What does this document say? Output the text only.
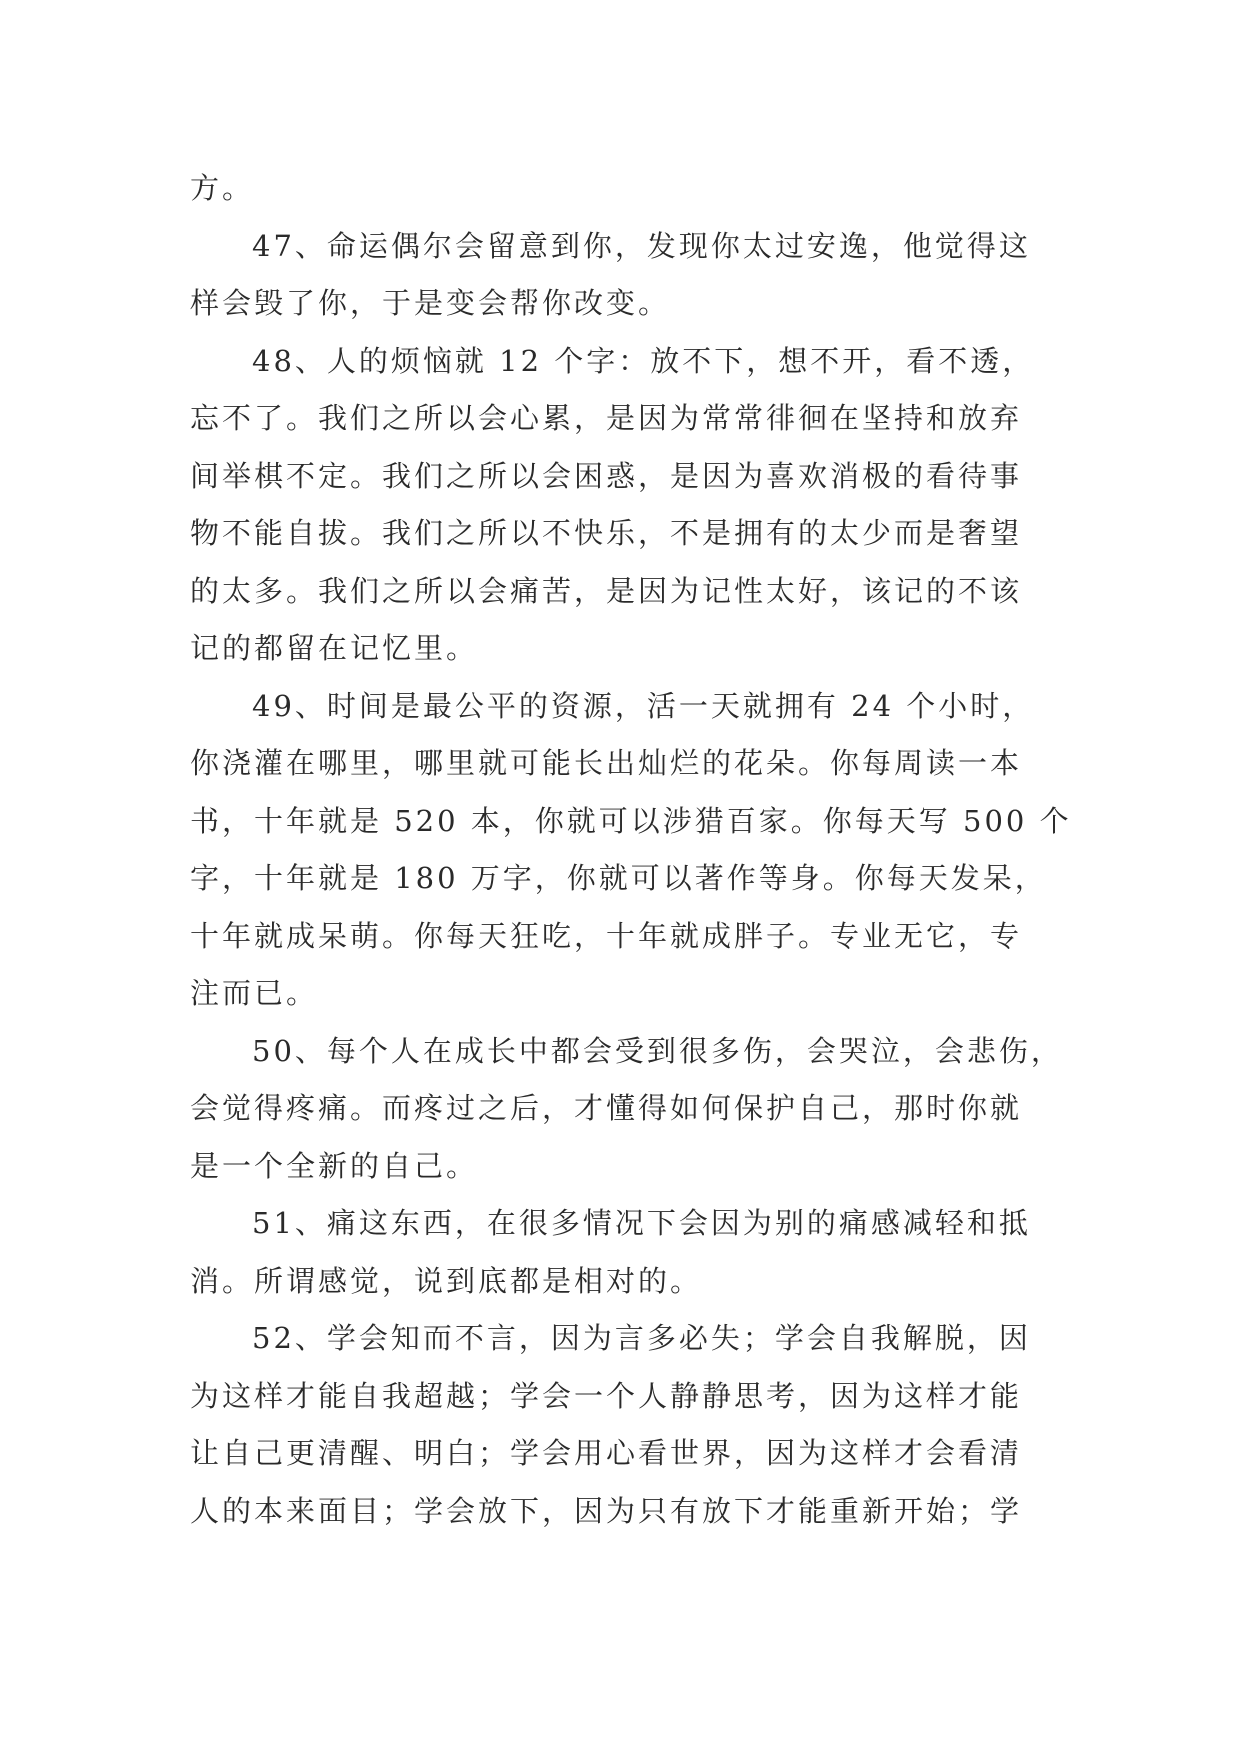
方。
47、命运偶尔会留意到你，发现你太过安逸，他觉得这
样会毁了你，于是变会帮你改变。
48、人的烦恼就 12 个字：放不下，想不开，看不透，
忘不了。我们之所以会心累，是因为常常徘徊在坚持和放弃
间举棋不定。我们之所以会困惑，是因为喜欢消极的看待事
物不能自拔。我们之所以不快乐，不是拥有的太少而是奢望
的太多。我们之所以会痛苦，是因为记性太好，该记的不该
记的都留在记忆里。
49、时间是最公平的资源，活一天就拥有 24 个小时，
你浇灌在哪里，哪里就可能长出灿烂的花朵。你每周读一本
书，十年就是 520 本，你就可以涉猎百家。你每天写 500 个
字，十年就是 180 万字，你就可以著作等身。你每天发呆，
十年就成呆萌。你每天狂吃，十年就成胖子。专业无它，专
注而已。
50、每个人在成长中都会受到很多伤，会哭泣，会悲伤，
会觉得疼痛。而疼过之后，才懂得如何保护自己，那时你就
是一个全新的自己。
51、痛这东西，在很多情况下会因为别的痛感减轻和抵
消。所谓感觉，说到底都是相对的。
52、学会知而不言，因为言多必失；学会自我解脱，因
为这样才能自我超越；学会一个人静静思考，因为这样才能
让自己更清醒、明白；学会用心看世界，因为这样才会看清
人的本来面目；学会放下，因为只有放下才能重新开始；学
